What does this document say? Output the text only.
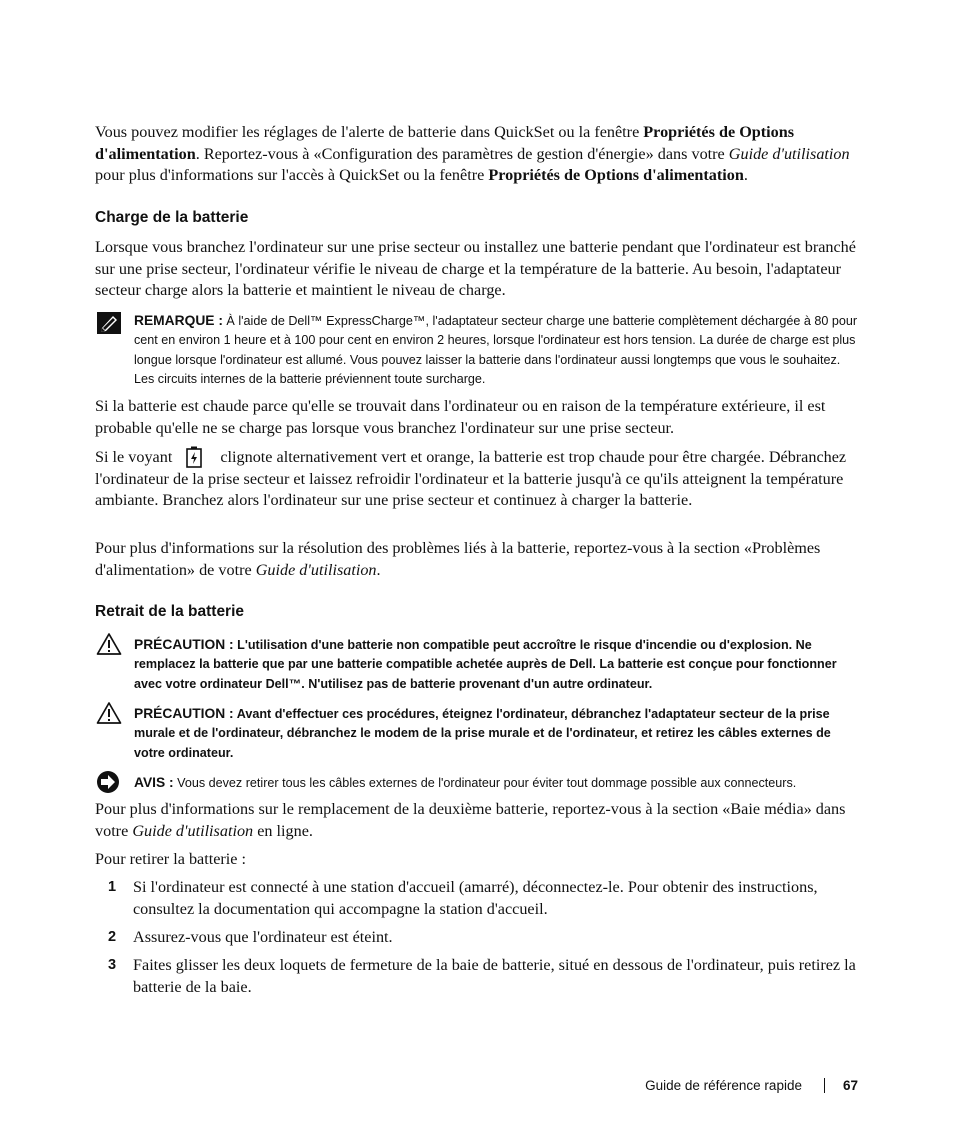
Vous pouvez modifier les réglages de l'alerte de batterie dans QuickSet ou la fenêtre Propriétés de Options d'alimentation. Reportez-vous à «Configuration des paramètres de gestion d'énergie» dans votre Guide d'utilisation pour plus d'informations sur l'accès à QuickSet ou la fenêtre Propriétés de Options d'alimentation.

Charge de la batterie

Lorsque vous branchez l'ordinateur sur une prise secteur ou installez une batterie pendant que l'ordinateur est branché sur une prise secteur, l'ordinateur vérifie le niveau de charge et la température de la batterie. Au besoin, l'adaptateur secteur charge alors la batterie et maintient le niveau de charge.

REMARQUE : À l'aide de Dell™ ExpressCharge™, l'adaptateur secteur charge une batterie complètement déchargée à 80 pour cent en environ 1 heure et à 100 pour cent en environ 2 heures, lorsque l'ordinateur est hors tension. La durée de charge est plus longue lorsque l'ordinateur est allumé. Vous pouvez laisser la batterie dans l'ordinateur aussi longtemps que vous le souhaitez. Les circuits internes de la batterie préviennent toute surcharge.

Si la batterie est chaude parce qu'elle se trouvait dans l'ordinateur ou en raison de la température extérieure, il est probable qu'elle ne se charge pas lorsque vous branchez l'ordinateur sur une prise secteur.

Si le voyant	clignote alternativement vert et orange, la batterie est trop chaude pour être chargée. Débranchez l'ordinateur de la prise secteur et laissez refroidir l'ordinateur et la batterie jusqu'à ce qu'ils atteignent la température ambiante. Branchez alors l'ordinateur sur une prise secteur et continuez à charger la batterie.

Pour plus d'informations sur la résolution des problèmes liés à la batterie, reportez-vous à la section «Problèmes d'alimentation» de votre Guide d'utilisation.

Retrait de la batterie

PRÉCAUTION : L'utilisation d'une batterie non compatible peut accroître le risque d'incendie ou d'explosion. Ne remplacez la batterie que par une batterie compatible achetée auprès de Dell. La batterie est conçue pour fonctionner avec votre ordinateur Dell™. N'utilisez pas de batterie provenant d'un autre ordinateur.

PRÉCAUTION : Avant d'effectuer ces procédures, éteignez l'ordinateur, débranchez l'adaptateur secteur de la prise murale et de l'ordinateur, débranchez le modem de la prise murale et de l'ordinateur, et retirez les câbles externes de votre ordinateur.

AVIS : Vous devez retirer tous les câbles externes de l'ordinateur pour éviter tout dommage possible aux connecteurs.

Pour plus d'informations sur le remplacement de la deuxième batterie, reportez-vous à la section «Baie média» dans votre Guide d'utilisation en ligne.

Pour retirer la batterie :

1 Si l'ordinateur est connecté à une station d'accueil (amarré), déconnectez-le. Pour obtenir des instructions, consultez la documentation qui accompagne la station d'accueil.

2 Assurez-vous que l'ordinateur est éteint.

3 Faites glisser les deux loquets de fermeture de la baie de batterie, situé en dessous de l'ordinateur, puis retirez la batterie de la baie.

Guide de référence rapide	67
